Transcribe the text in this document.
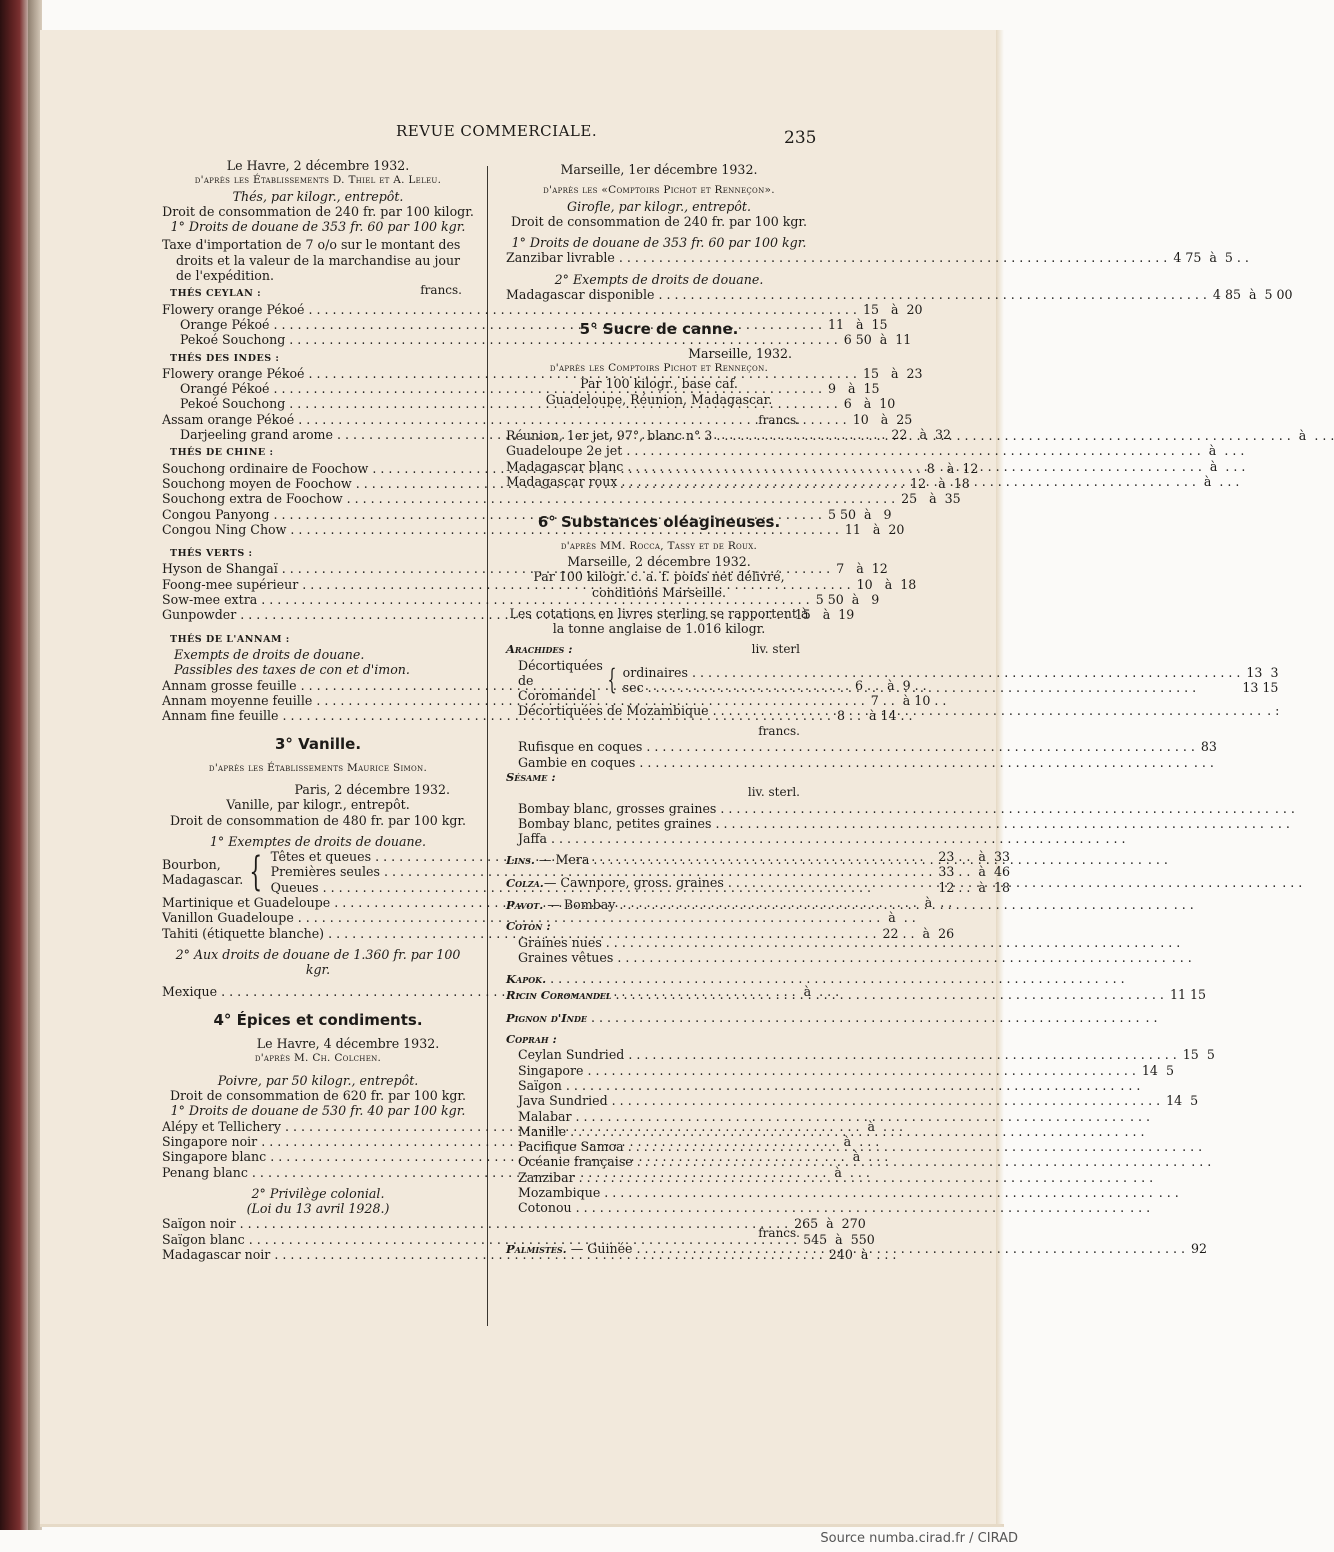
REVUE COMMERCIALE.	235
Le Havre, 2 décembre 1932.
d'après les Établissements D. Thiel et A. Leleu.
Thés, par kilogr., entrepôt.
Droit de consommation de 240 fr. par 100 kilogr.
1° Droits de douane de 353 fr. 60 par 100 kgr.
Taxe d'importation de 7 o/o sur le montant des droits et la valeur de la marchandise au jour de l'expédition.
THÉS CEYLAN :	francs.
Flowery orange Pékoé . . .	15   à  20
Orange Pékoé . . .	11   à  15
Pekoé Souchong . . .	6 50  à  11
THÉS DES INDES :
Flowery orange Pékoé . . .	15   à  23
Orangé Pékoé . . .	9   à  15
Pekoé Souchong . . .	6   à  10
Assam orange Pékoé . . .	10   à  25
Darjeeling grand arome . . .	22   à  32
THÉS DE CHINE :
Souchong ordinaire de Foochow . . .	8   à  12
Souchong moyen de Foochow . . .	12   à  18
Souchong extra de Foochow . . .	25   à  35
Congou Panyong . . .	5 50  à   9
Congou Ning Chow . . .	11   à  20
THÉS VERTS :
Hyson de Shangaï . . .	7   à  12
Foong-mee supérieur . . .	10   à  18
Sow-mee extra . . .	5 50  à   9
Gunpowder . . .	15   à  19
THÉS DE L'ANNAM :
Exempts de droits de douane.
Passibles des taxes de con et d'imon.
Annam grosse feuille . . .	6 . .  à  9 . .
Annam moyenne feuille . . .	7 . .  à 10 . .
Annam fine feuille . . .	8 . .  à 14 . .
3° Vanille.
d'après les Établissements Maurice Simon.
Paris, 2 décembre 1932.
Vanille, par kilogr., entrepôt.
Droit de consommation de 480 fr. par 100 kgr.
1° Exemptes de droits de douane.
Bourbon, Madagascar. { Têtes et queues . . .	23 . .  à  33
Premières seules . . .	33 . .  à  46
Queues . . .	12 . .  à  18
Martinique et Guadeloupe . . .	. . . .  à  . .
Vanillon Guadeloupe . . .	. . . .  à  . .
Tahiti (étiquette blanche) . . .	22 . .  à  26
2° Aux droits de douane de 1.360 fr. par 100 kgr.
Mexique . . .	. . .  à  . . .
4° Épices et condiments.
Le Havre, 4 décembre 1932.
d'après M. Ch. Colchen.
Poivre, par 50 kilogr., entrepôt.
Droit de consommation de 620 fr. par 100 kgr.
1° Droits de douane de 530 fr. 40 par 100 kgr.
Alépy et Tellichery . . .	. . .  à  . . .
Singapore noir . . .	. . .  à  . . .
Singapore blanc . . .	. . .  à  . . .
Penang blanc . . .	. . .  à  . . .
2° Privilège colonial.
(Loi du 13 avril 1928.)
Saïgon noir . . .	265  à  270
Saïgon blanc . . .	545  à  550
Madagascar noir . . .	240  à  . . .
Marseille, 1er décembre 1932.
d'après les «Comptoirs Pichot et Renneçon».
Girofle, par kilogr., entrepôt.
Droit de consommation de 240 fr. par 100 kgr.
1° Droits de douane de 353 fr. 60 par 100 kgr.
Zanzibar livrable . . .	4 75  à  5 . .
2° Exempts de droits de douane.
Madagascar disponible . . .	4 85  à  5 00
5° Sucre de canne.
Marseille, 1932.
d'après les Comptoirs Pichot et Renneçon.
Par 100 kilogr., base caf.
Guadeloupe, Réunion, Madagascar.
francs.
Réunion, 1er jet, 97°, blanc n° 3 . . .	. . .  à  . . .
Guadeloupe 2e jet . . .	. . .  à  . . .
Madagascar blanc . . .	. . .  à  . . .
Madagascar roux . . .	. . .  à  . . .
6° Substances oléagineuses.
d'après MM. Rocca, Tassy et de Roux.
Marseille, 2 décembre 1932.
Par 100 kilogr. c. a. f. poids net délivré, conditions Marseille.
Les cotations en livres sterling se rapportent à la tonne anglaise de 1.016 kilogr.
Arachides :	liv. sterl
Décortiquées de Coromandel { ordinaires . . .	13  3
sec . . .	13 15
Décortiquées de Mozambique . . .	. :
francs.
Rufisque en coques . . .	83
Gambie en coques . . .	. . .
Sésame :
liv. sterl.
Bombay blanc, grosses graines . . .	. . .
Bombay blanc, petites graines . . .	. . .
Jaffa . . .	. . .
Lins. — Mera . . .	. . .
Colza.— Cawnpore, gross. graines . . .	. . .
Pavot. — Bombay . . .	. . .
Coton :
Graines nues . . .	. . .
Graines vêtues . . .	. . .
Kapok. . . .	. . .
Ricin Coromandel . . .	11 15
Pignon d'Inde . . .	. .
Coprah :
Ceylan Sundried . . .	15  5
Singapore . . .	14  5
Saïgon . . .	. . .
Java Sundried . . .	14  5
Malabar . . .	. . .
Manille . . .	. . .
Pacifique Samoa . . .	. . .
Océanie française . . .	. . .
Zanzibar . . .	. . .
Mozambique . . .	. . .
Cotonou . . .	. . .
francs.
Palmistes. — Guinée . . .	92
Source numba.cirad.fr / CIRAD
